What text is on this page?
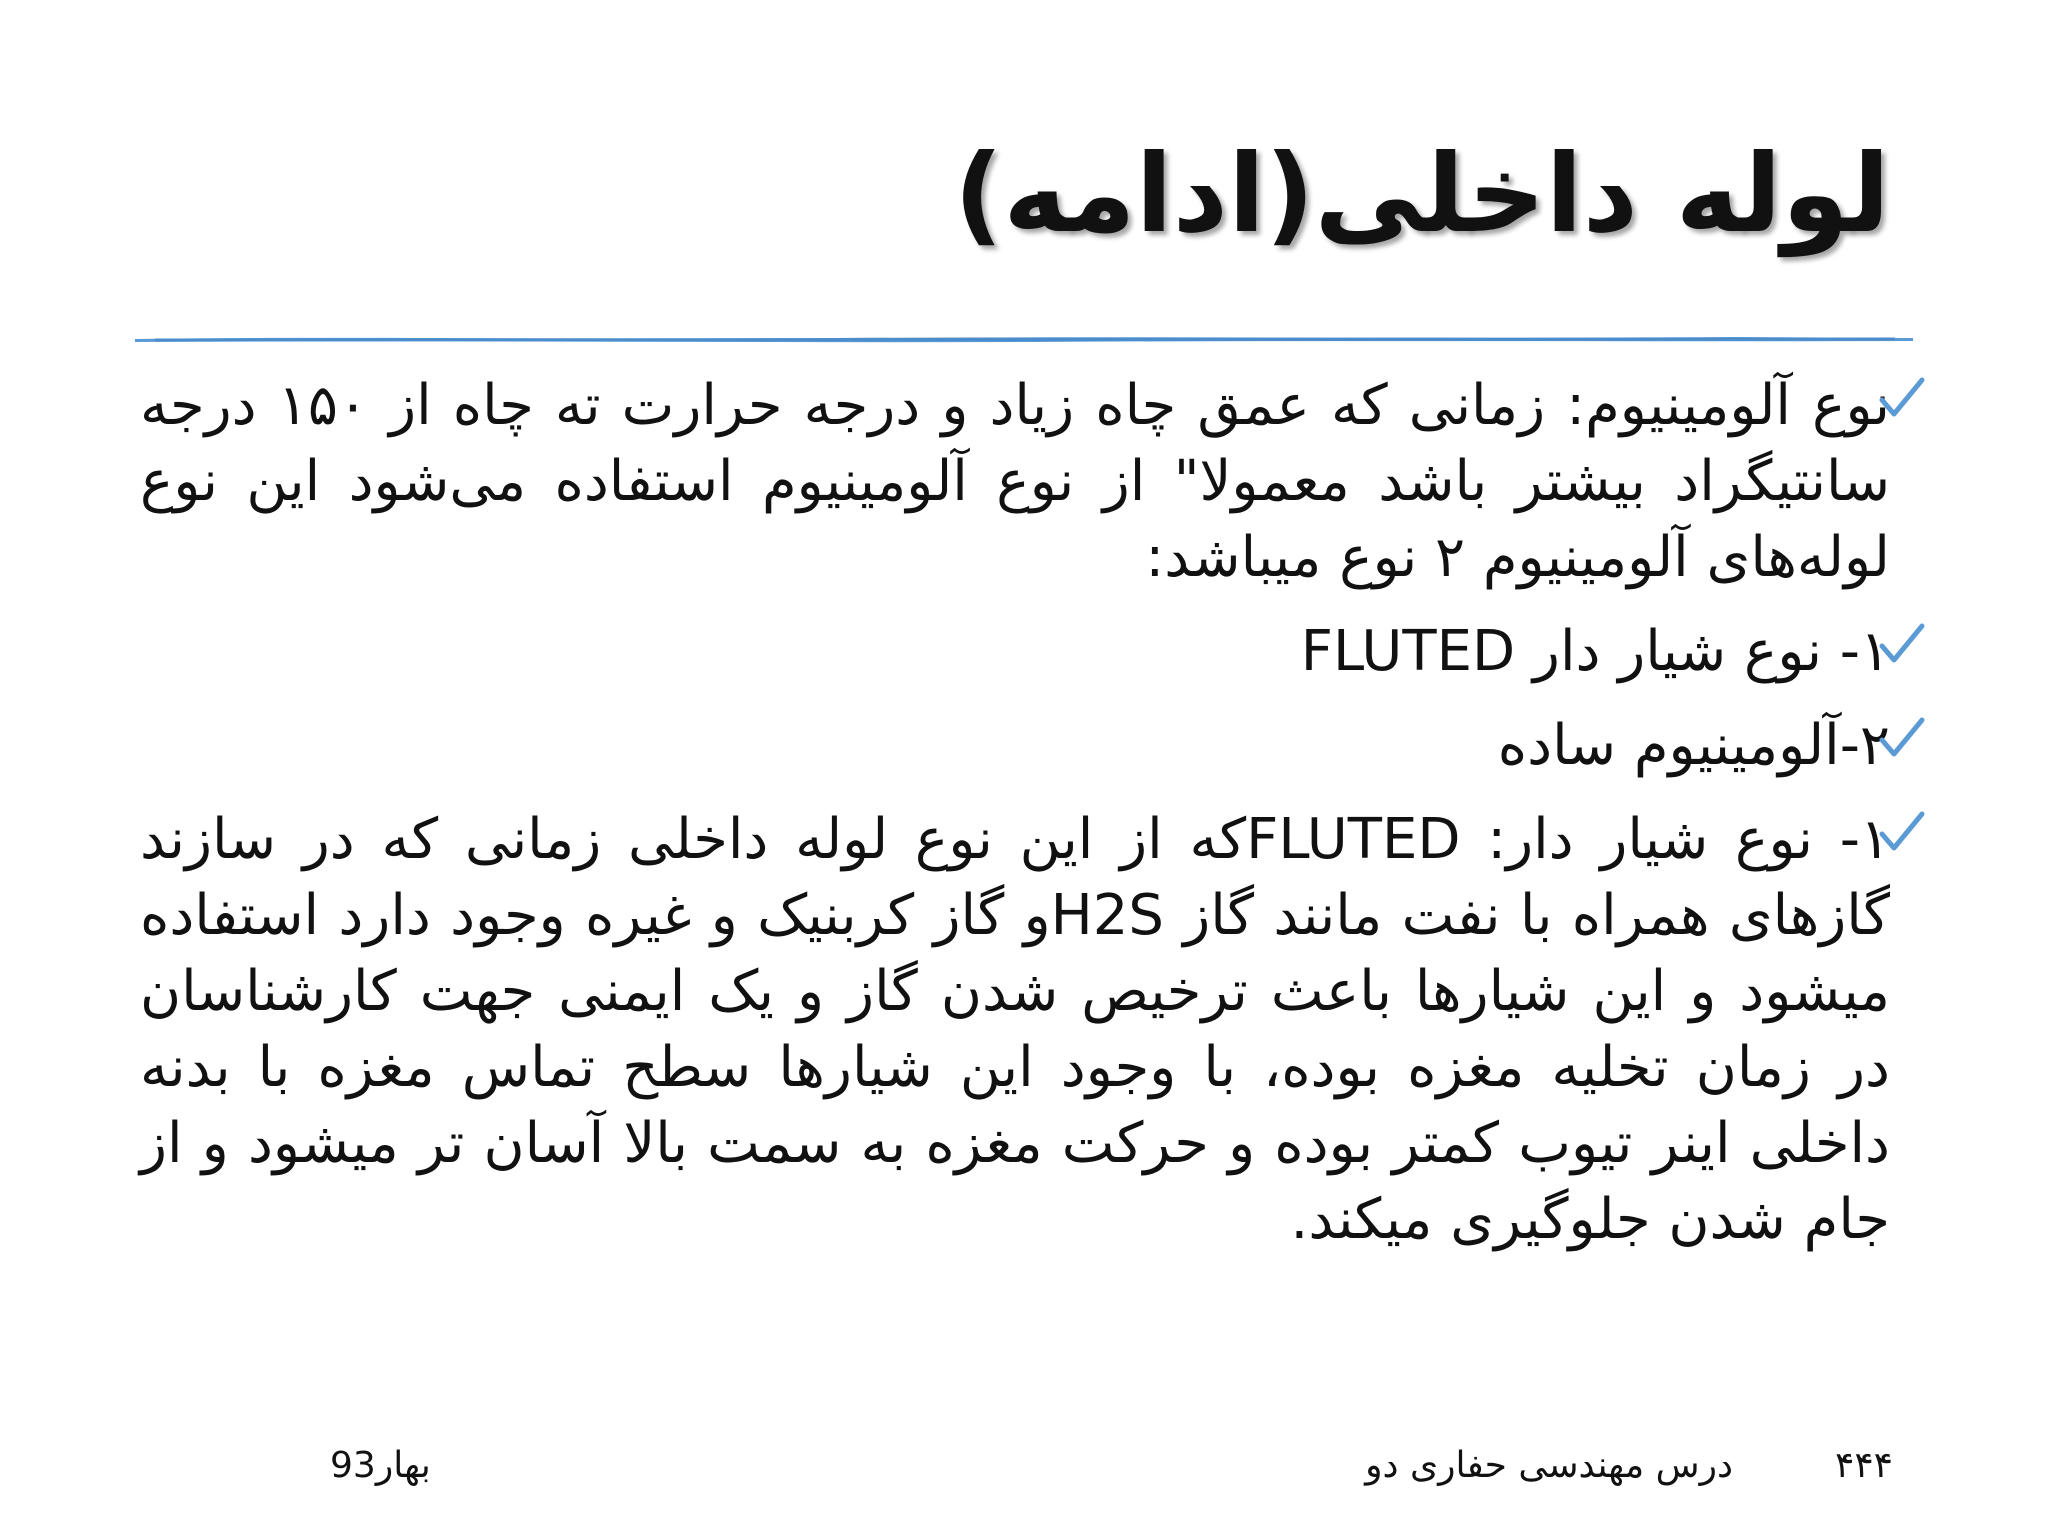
لوله داخلی(ادامه)
نوع آلومینیوم: زمانی که عمق چاه زیاد و درجه حرارت ته چاه از ۱۵۰ درجه سانتیگراد بیشتر باشد معمولا" از نوع آلومینیوم استفاده می‌شود این نوع لوله‌های آلومینیوم ۲ نوع میباشد:
۱- نوع شیار دار FLUTED
۲-آلومینیوم ساده
۱- نوع شیار دار: FLUTEDکه از این نوع لوله داخلی زمانی که در سازند گازهای همراه با نفت مانند گاز H2Sو گاز کربنیک و غیره وجود دارد استفاده میشود و این شیارها باعث ترخیص شدن گاز و یک ایمنی جهت کارشناسان در زمان تخلیه مغزه بوده، با وجود این شیارها سطح تماس مغزه با بدنه داخلی اینر تیوب کمتر بوده و حرکت مغزه به سمت بالا آسان تر میشود و از جام شدن جلوگیری میکند.
۴۴۴
درس مهندسی حفاری دو
بهار93
